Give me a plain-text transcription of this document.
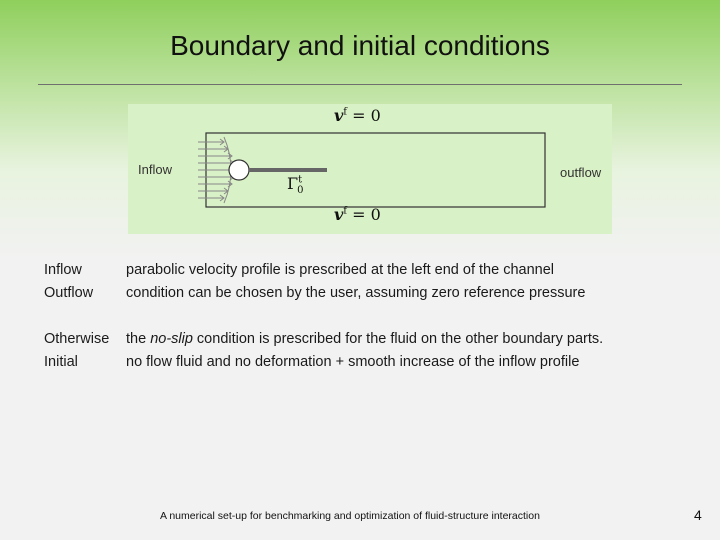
Boundary and initial conditions
Inflow	outflow
$v^f = 0$
$v^f = 0$
$\Gamma^t_0$
Inflow	parabolic velocity profile is prescribed at the left end of the channel
Outflow	condition can be chosen by the user, assuming zero reference pressure
Otherwise	the no-slip condition is prescribed for the fluid on the other boundary parts.
Initial	no flow fluid and no deformation + smooth increase of the inflow profile
A numerical set-up for benchmarking and optimization of fluid-structure interaction	4
